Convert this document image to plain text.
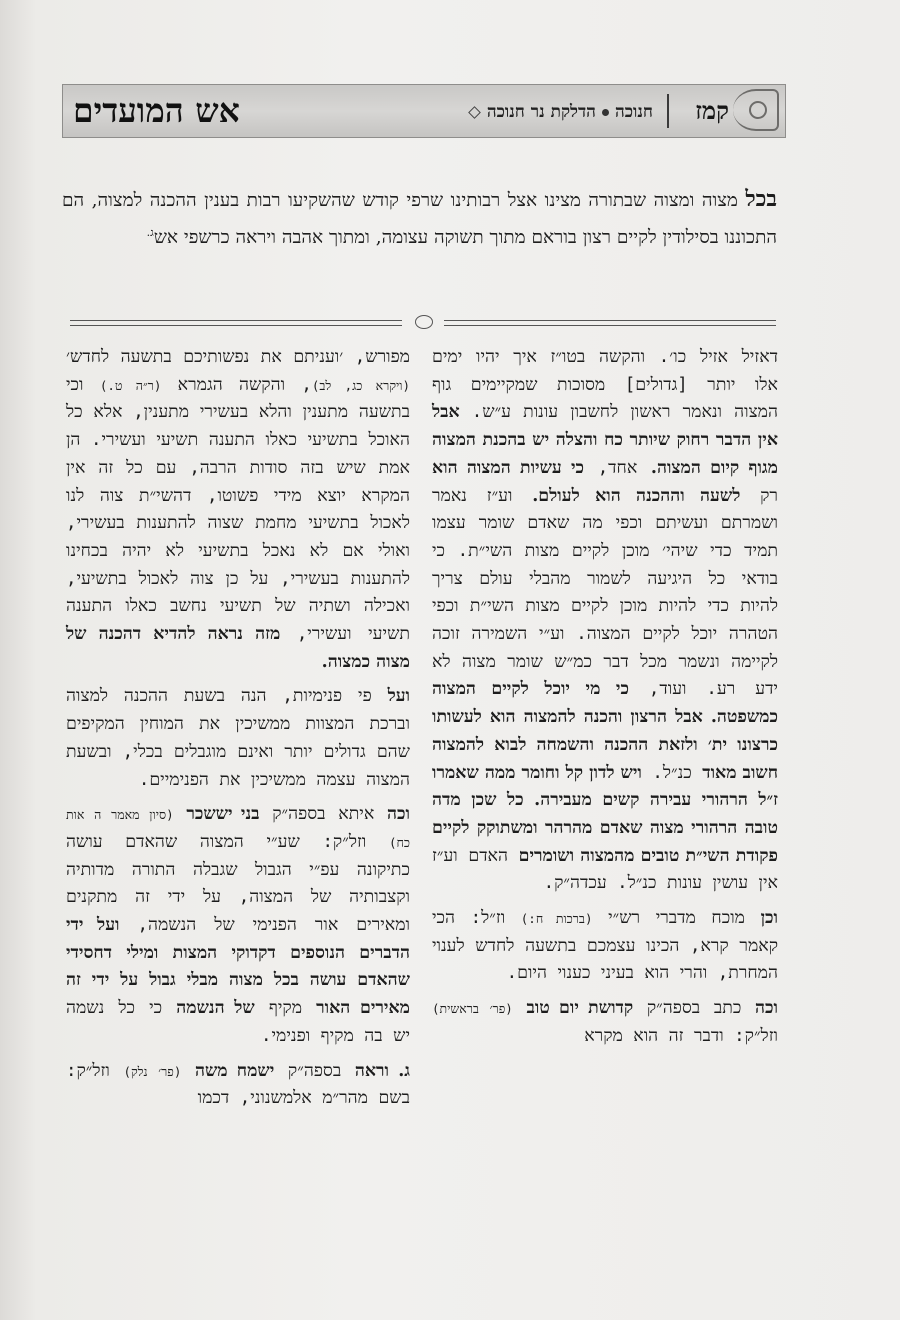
קמז
חנוכההדלקת נר חנוכה
אש המועדים
בכל מצוה ומצוה שבתורה מצינו אצל רבותינו שרפי קודש שהשקיעו רבות בענין ההכנה למצוה, הם התכוננו בסילודין לקיים רצון בוראם מתוך תשוקה עצומה, ומתוך אהבה ויראה כרשפי אש$^{ג.}$

דאזיל אזיל כו׳. והקשה בטו״ז איך יהיו ימים אלו יותר [גדולים] מסוכות שמקיימים גוף המצוה ונאמר ראשון לחשבון עונות ע״ש. אבל אין הדבר רחוק שיותר כח והצלה יש בהכנת המצוה מגוף קיום המצוה. אחד, כי עשיות המצוה הוא רק לשעה וההכנה הוא לעולם. וע״ז נאמר ושמרתם ועשיתם וכפי מה שאדם שומר עצמו תמיד כדי שיהי׳ מוכן לקיים מצות השי״ת. כי בודאי כל היגיעה לשמור מהבלי עולם צריך להיות כדי להיות מוכן לקיים מצות השי״ת וכפי הטהרה יוכל לקיים המצוה. וע״י השמירה זוכה לקיימה ונשמר מכל דבר כמ״ש שומר מצוה לא ידע רע. ועוד, כי מי יוכל לקיים המצוה כמשפטה. אבל הרצון והכנה להמצוה הוא לעשותו כרצונו ית׳ ולזאת ההכנה והשמחה לבוא להמצוה חשוב מאוד כנ״ל. ויש לדון קל וחומר ממה שאמרו ז״ל הרהורי עבירה קשים מעבירה. כל שכן מדה טובה הרהורי מצוה שאדם מהרהר ומשתוקק לקיים פקודת השי״ת טובים מהמצוה ושומרים האדם וע״ז אין עושין עונות כנ״ל. עכדה״ק.

וכן מוכח מדברי רש״י (ברכות ח:) וז״ל: הכי קאמר קרא, הכינו עצמכם בתשעה לחדש לענוי המחרת, והרי הוא בעיני כענוי היום.

וכה כתב בספה״ק קדושת יום טוב (פר׳ בראשית) וזל״ק: ודבר זה הוא מקרא

מפורש, ׳ועניתם את נפשותיכם בתשעה לחדש׳ (ויקרא כג, לב), והקשה הגמרא (ר״ה ט.) וכי בתשעה מתענין והלא בעשירי מתענין, אלא כל האוכל בתשיעי כאלו התענה תשיעי ועשירי. הן אמת שיש בזה סודות הרבה, עם כל זה אין המקרא יוצא מידי פשוטו, דהשי״ת צוה לנו לאכול בתשיעי מחמת שצוה להתענות בעשירי, ואולי אם לא נאכל בתשיעי לא יהיה בכחינו להתענות בעשירי, על כן צוה לאכול בתשיעי, ואכילה ושתיה של תשיעי נחשב כאלו התענה תשיעי ועשירי, מזה נראה להדיא דהכנה של מצוה כמצוה.

ועל פי פנימיות, הנה בשעת ההכנה למצוה וברכת המצוות ממשיכין את המוחין המקיפים שהם גדולים יותר ואינם מוגבלים בכלי, ובשעת המצוה עצמה ממשיכין את הפנימיים.

וכה איתא בספה״ק בני יששכר (סיון מאמר ה אות כח) וזל״ק: שע״י המצוה שהאדם עושה כתיקונה עפ״י הגבול שגבלה התורה מדותיה וקצבותיה של המצוה, על ידי זה מתקנים ומאירים אור הפנימי של הנשמה, ועל ידי הדברים הנוספים דקדוקי המצות ומילי דחסידי שהאדם עושה בכל מצוה מבלי גבול על ידי זה מאירים האור מקיף של הנשמה כי כל נשמה יש בה מקיף ופנימי.

ג. וראה בספה״ק ישמח משה (פר׳ נלק) וזל״ק: בשם מהר״מ אלמשנוני, דכמו
